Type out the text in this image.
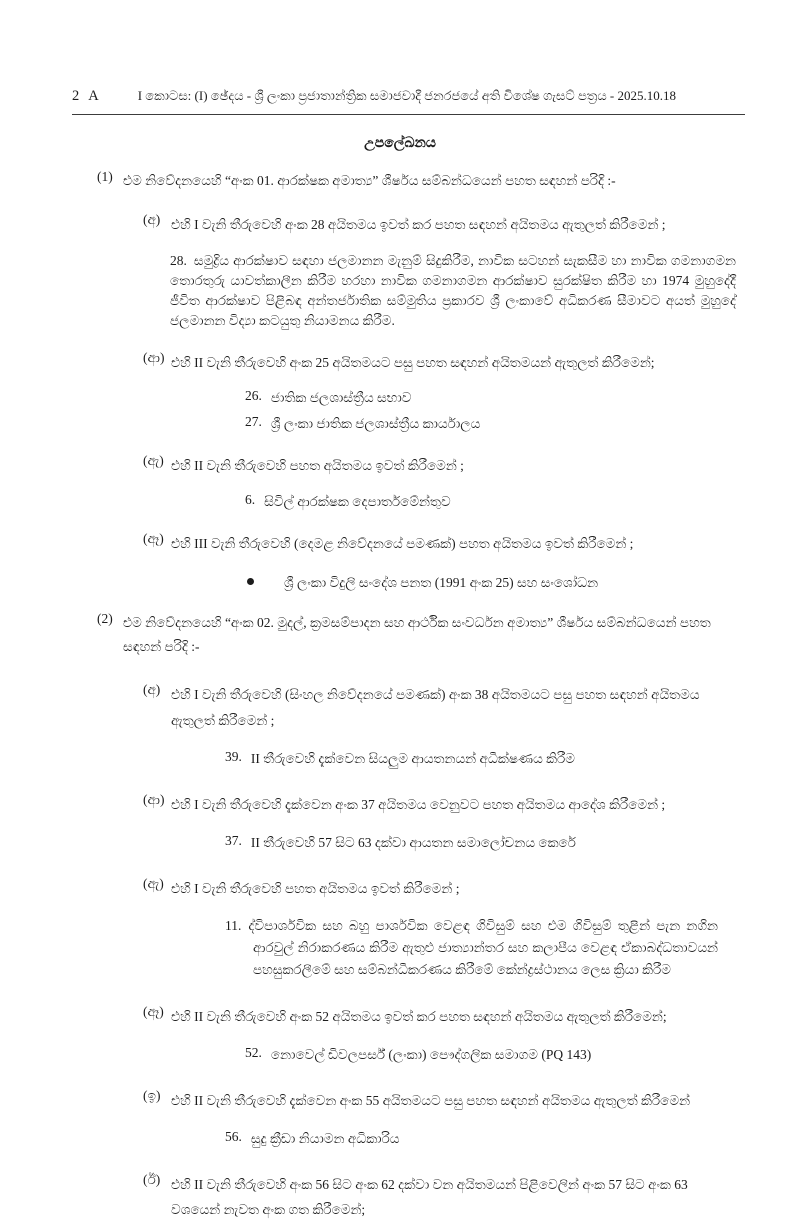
2 A	I කොටස: (I) ඡේදය - ශ්‍රී ලංකා ප්‍රජාතාන්ත්‍රික සමාජවාදී ජනරජයේ අති විශේෂ ගැසට් පත්‍රය - 2025.10.18
උපලේඛනය
(1) එම නිවේදනයෙහි “අංක 01. ආරක්ෂක අමාත්‍ය” ශීර්ෂය සම්බන්ධයෙන් පහත සඳහන් පරිදි :-
(අ) එහි I වැනි තීරුවෙහි අංක 28 අයිතමය ඉවත් කර පහත සඳහන් අයිතමය ඇතුලත් කිරීමෙන් ;

28. සමුද්‍රිය ආරක්ෂාව සඳහා ජලමානන මැනුම් සිදුකිරීම, නාවික සටහන් සැකසීම හා නාවික ගමනාගමන තොරතුරු යාවත්කාලීන කිරීම හරහා නාවික ගමනාගමන ආරක්ෂාව සුරක්ෂිත කිරීම හා 1974 මුහුදේදී ජීවිත ආරක්ෂාව පිළිබඳ අන්තර්ජාතික සම්මුතිය ප්‍රකාරව ශ්‍රී ලංකාවේ අධිකරණ සීමාවට අයත් මුහුදේ ජලමානන විද්‍යා කටයුතු නියාමනය කිරීම.

(ආ) එහි II වැනි තීරුවෙහි අංක 25 අයිතමයට පසු පහත සඳහන් අයිතමයන් ඇතුලත් කිරීමෙන්;
26. ජාතික ජලශාස්ත්‍රීය සභාව
27. ශ්‍රී ලංකා ජාතික ජලශාස්ත්‍රීය කාර්යාලය
(ඇ) එහි II වැනි තීරුවෙහි පහත අයිතමය ඉවත් කිරීමෙන් ;
6. සිවිල් ආරක්ෂක දෙපාර්තමේන්තුව
(ඈ) එහි III වැනි තීරුවෙහි (දෙමළ නිවේදනයේ පමණක්) පහත අයිතමය ඉවත් කිරීමෙන් ;
ශ්‍රී ලංකා විදුලි සංදේශ පනත (1991 අංක 25) සහ සංශෝධන
(2) එම නිවේදනයෙහි “අංක 02. මුදල්, ක්‍රමසම්පාදන සහ ආර්ථික සංවර්ධන අමාත්‍ය” ශීර්ෂය සම්බන්ධයෙන් පහත සඳහන් පරිදි :-
(අ) එහි I වැනි තීරුවෙහි (සිංහල නිවේදනයේ පමණක්) අංක 38 අයිතමයට පසු පහත සඳහන් අයිතමය ඇතුලත් කිරීමෙන් ;
39. II තීරුවෙහි දැක්වෙන සියලුම ආයතනයන් අධීක්ෂණය කිරීම
(ආ) එහි I වැනි තීරුවෙහි දැක්වෙන අංක 37 අයිතමය වෙනුවට පහත අයිතමය ආදේශ කිරීමෙන් ;
37. II තීරුවෙහි 57 සිට 63 දක්වා ආයතන සමාලෝචනය කෙරේ
(ඇ) එහි I වැනි තීරුවෙහි පහත අයිතමය ඉවත් කිරීමෙන් ;

11. ද්විපාර්ශවික සහ බහු පාර්ශවික වෙළඳ ගිවිසුම් සහ එම ගිවිසුම් තුළින් පැන නගින ආරවුල් නිරාකරණය කිරීම ඇතුළු ජාත්‍යාන්තර සහ කලාපීය වෙළඳ ඒකාබද්ධතාවයන් පහසුකරලීමේ සහ සම්බන්ධීකරණය කිරීමේ කේන්ද්‍රස්ථානය ලෙස ක්‍රියා කිරීම

(ඈ) එහි II වැනි තීරුවෙහි අංක 52 අයිතමය ඉවත් කර පහත සඳහන් අයිතමය ඇතුලත් කිරීමෙන්;
52. නොවෙල් ඩිවලපර්ස් (ලංකා) පෞද්ගලික සමාගම (PQ 143)
(ඉ) එහි II වැනි තීරුවෙහි දැක්වෙන අංක 55 අයිතමයට පසු පහත සඳහන් අයිතමය ඇතුලත් කිරීමෙන්
56. සුදු ක්‍රීඩා නියාමන අධිකාරිය
(ඊ) එහි II වැනි තීරුවෙහි අංක 56 සිට අංක 62 දක්වා වන අයිතමයන් පිළිවෙලින් අංක 57 සිට අංක 63 වශයෙන් නැවත අංක ගත කිරීමෙන්;
